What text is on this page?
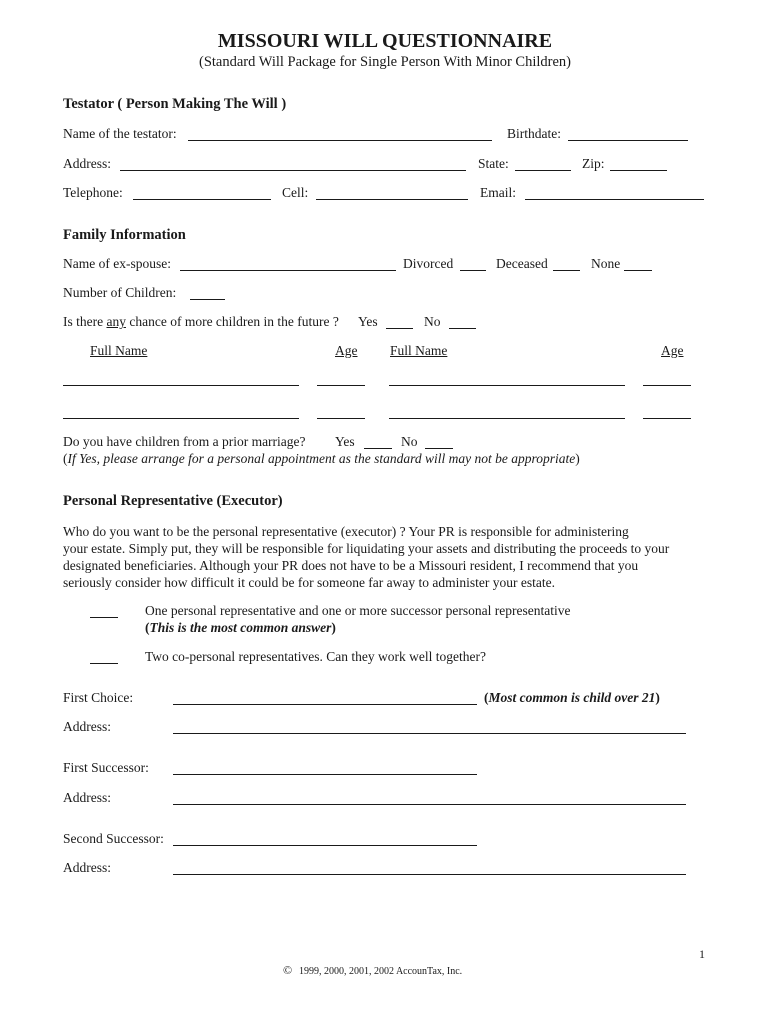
MISSOURI WILL QUESTIONNAIRE
(Standard Will Package for Single Person With Minor Children)
Testator ( Person Making The Will )
Name of the testator:	Birthdate:
Address:	State:	Zip:
Telephone:	Cell:	Email:
Family Information
Name of ex-spouse:	Divorced	Deceased	None
Number of Children:
Is there any chance of more children in the future ? Yes	No
Full Name	Age Full Name	Age
Do you have children from a prior marriage? Yes	No
(If Yes, please arrange for a personal appointment as the standard will may not be appropriate)
Personal Representative (Executor)
Who do you want to be the personal representative (executor) ? Your PR is responsible for administering
your estate. Simply put, they will be responsible for liquidating your assets and distributing the proceeds to your
designated beneficiaries. Although your PR does not have to be a Missouri resident, I recommend that you
seriously consider how difficult it could be for someone far away to administer your estate.
One personal representative and one or more successor personal representative
(This is the most common answer)
Two co-personal representatives. Can they work well together?
First Choice:	(Most common is child over 21)
Address:
First Successor:
Address:
Second Successor:
Address:
1
© 1999, 2000, 2001, 2002 AccounTax, Inc.
